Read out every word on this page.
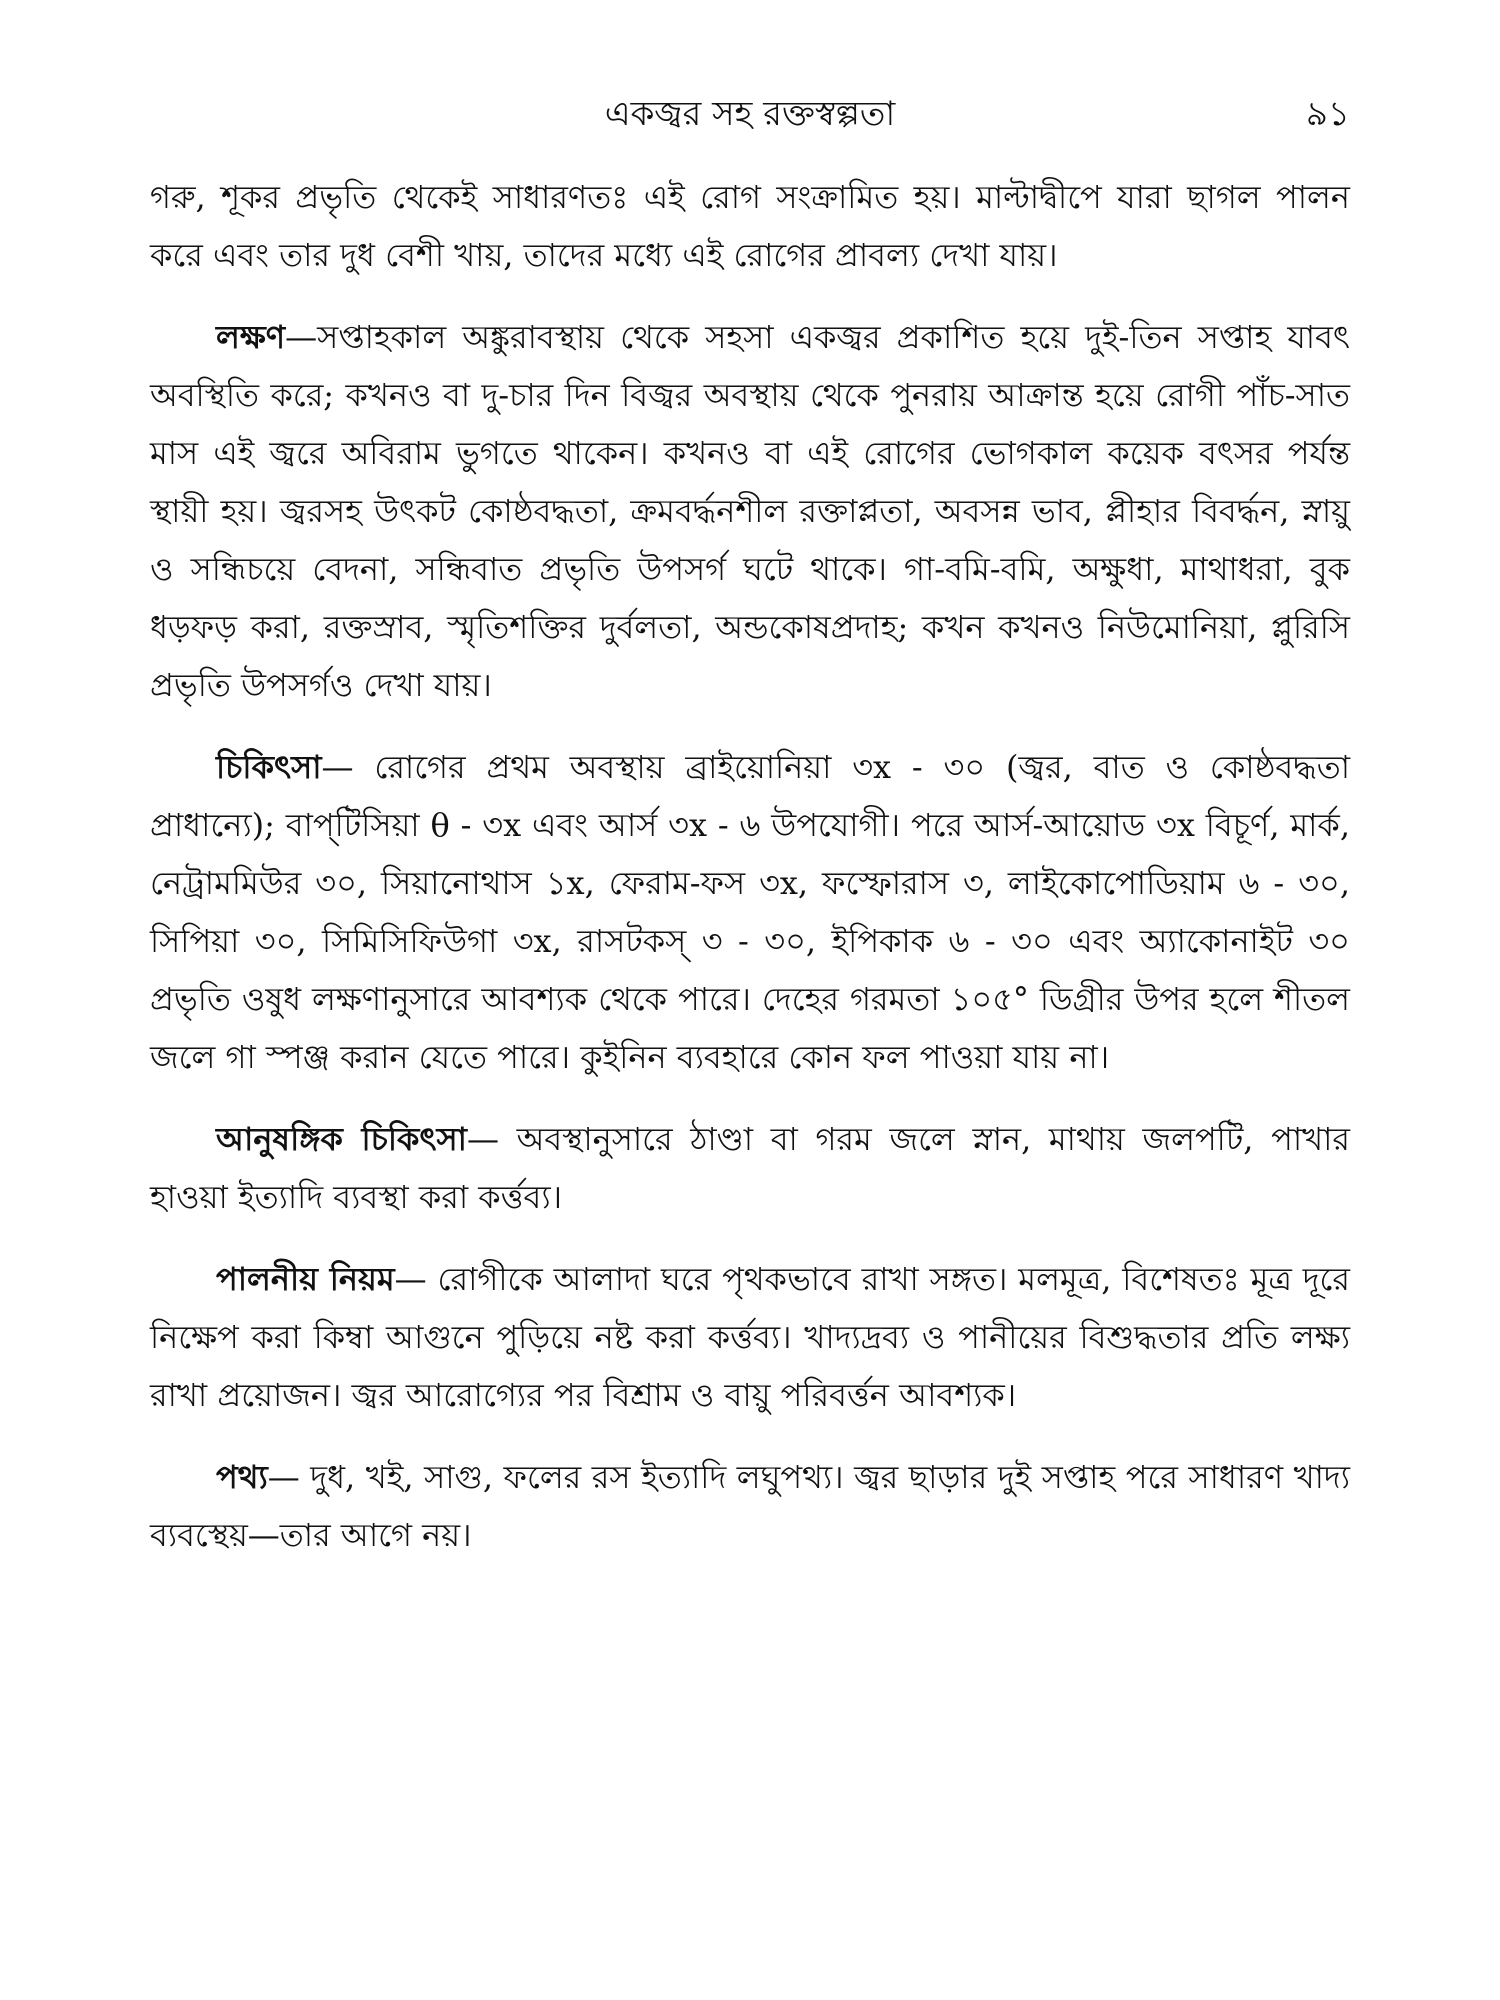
একজ্বর সহ রক্তস্বল্পতা	৯১

গরু, শূকর প্রভৃতি থেকেই সাধারণতঃ এই রোগ সংক্রামিত হয়। মাল্টাদ্বীপে যারা ছাগল পালন করে এবং তার দুধ বেশী খায়, তাদের মধ্যে এই রোগের প্রাবল্য দেখা যায়।

লক্ষণ—সপ্তাহকাল অঙ্কুরাবস্থায় থেকে সহসা একজ্বর প্রকাশিত হয়ে দুই-তিন সপ্তাহ যাবৎ অবস্থিতি করে; কখনও বা দু-চার দিন বিজ্বর অবস্থায় থেকে পুনরায় আক্রান্ত হয়ে রোগী পাঁচ-সাত মাস এই জ্বরে অবিরাম ভুগতে থাকেন। কখনও বা এই রোগের ভোগকাল কয়েক বৎসর পর্যন্ত স্থায়ী হয়। জ্বরসহ উৎকট কোষ্ঠবদ্ধতা, ক্রমবর্দ্ধনশীল রক্তাপ্লতা, অবসন্ন ভাব, প্লীহার বিবর্দ্ধন, স্নায়ু ও সন্ধিচয়ে বেদনা, সন্ধিবাত প্রভৃতি উপসর্গ ঘটে থাকে। গা-বমি-বমি, অক্ষুধা, মাথাধরা, বুক ধড়ফড় করা, রক্তস্রাব, স্মৃতিশক্তির দুর্বলতা, অন্ডকোষপ্রদাহ; কখন কখনও নিউমোনিয়া, প্লুরিসি প্রভৃতি উপসর্গও দেখা যায়।

চিকিৎসা— রোগের প্রথম অবস্থায় ব্রাইয়োনিয়া ৩x - ৩০ (জ্বর, বাত ও কোষ্ঠবদ্ধতা প্রাধান্যে); বাপ্‌টিসিয়া θ - ৩x এবং আর্স ৩x - ৬ উপযোগী। পরে আর্স-আয়োড ৩x বিচূর্ণ, মার্ক, নেট্রামমিউর ৩০, সিয়ানোথাস ১x, ফেরাম-ফস ৩x, ফস্ফোরাস ৩, লাইকোপোডিয়াম ৬ - ৩০, সিপিয়া ৩০, সিমিসিফিউগা ৩x, রাসটকস্ ৩ - ৩০, ইপিকাক ৬ - ৩০ এবং অ্যাকোনাইট ৩০ প্রভৃতি ওষুধ লক্ষণানুসারে আবশ্যক থেকে পারে। দেহের গরমতা ১০৫° ডিগ্রীর উপর হলে শীতল জলে গা স্পঞ্জ করান যেতে পারে। কুইনিন ব্যবহারে কোন ফল পাওয়া যায় না।

আনুষঙ্গিক চিকিৎসা— অবস্থানুসারে ঠাণ্ডা বা গরম জলে স্নান, মাথায় জলপটি, পাখার হাওয়া ইত্যাদি ব্যবস্থা করা কর্ত্তব্য।

পালনীয় নিয়ম— রোগীকে আলাদা ঘরে পৃথকভাবে রাখা সঙ্গত। মলমূত্র, বিশেষতঃ মূত্র দূরে নিক্ষেপ করা কিম্বা আগুনে পুড়িয়ে নষ্ট করা কর্ত্তব্য। খাদ্যদ্রব্য ও পানীয়ের বিশুদ্ধতার প্রতি লক্ষ্য রাখা প্রয়োজন। জ্বর আরোগ্যের পর বিশ্রাম ও বায়ু পরিবর্ত্তন আবশ্যক।

পথ্য— দুধ, খই, সাগু, ফলের রস ইত্যাদি লঘুপথ্য। জ্বর ছাড়ার দুই সপ্তাহ পরে সাধারণ খাদ্য ব্যবস্থেয়—তার আগে নয়।
